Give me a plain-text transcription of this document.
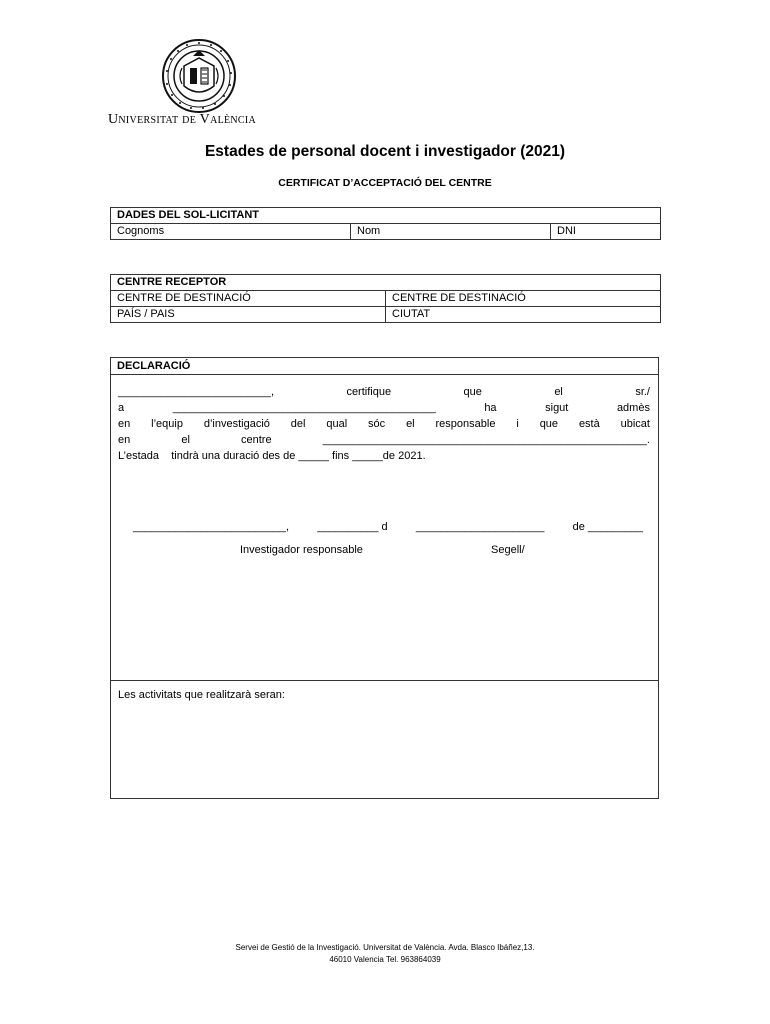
Universitat de València
Estades de personal docent i investigador (2021)
CERTIFICAT D’ACCEPTACIÓ DEL CENTRE
DADES DEL SOL-LICITANT
Cognoms	Nom	DNI
CENTRE RECEPTOR	
CENTRE DE DESTINACIÓ	CENTRE DE DESTINACIÓ
PAÍS / PAIS	CIUTAT
DECLARACIÓ
_________________________,	certifique	que	el	sr./
a	___________________________________________	ha	sigut	admès
en l’equip d’investigació del qual sóc el responsable i que està ubicat
en	el	centre	_____________________________________________________.
L’estada    tindrà una duració des de _____ fins _____de 2021.
_________________________,	__________ d	_____________________	de _________
Investigador responsable	Segell/
Les activitats que realitzarà seran:
Servei de Gestió de la Investigació. Universitat de València. Avda. Blasco Ibáñez,13.
46010 Valencia Tel. 963864039
